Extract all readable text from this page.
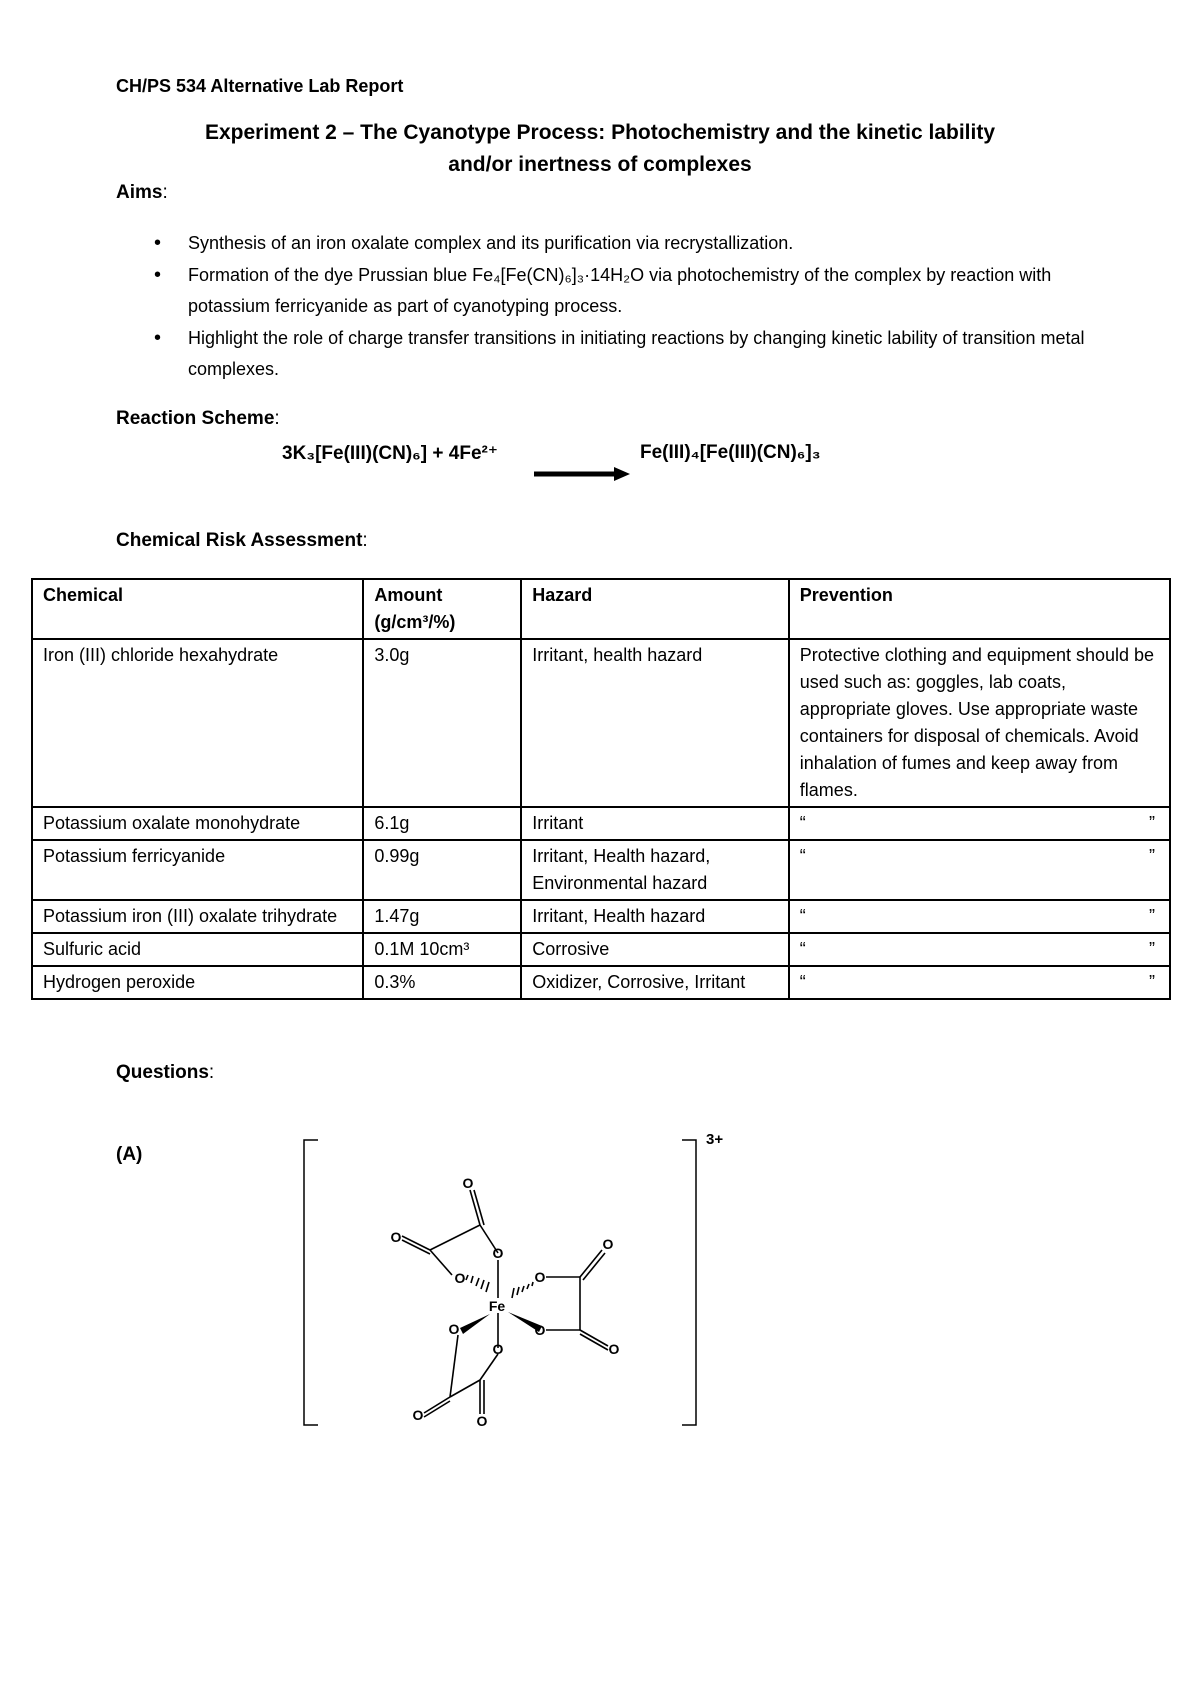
CH/PS 534 Alternative Lab Report
Experiment 2 – The Cyanotype Process: Photochemistry and the kinetic lability
and/or inertness of complexes
Aims:
• Synthesis of an iron oxalate complex and its purification via recrystallization.
• Formation of the dye Prussian blue Fe₄[Fe(CN)₆]₃·14H₂O via photochemistry of the complex by reaction with potassium ferricyanide as part of cyanotyping process.
• Highlight the role of charge transfer transitions in initiating reactions by changing kinetic lability of transition metal complexes.
Reaction Scheme:
3K₃[Fe(III)(CN)₆] + 4Fe²⁺	Fe(III)₄[Fe(III)(CN)₆]₃
Chemical Risk Assessment:
Chemical	Amount (g/cm³/%)	Hazard	Prevention
Iron (III) chloride hexahydrate	3.0g	Irritant, health hazard	Protective clothing and equipment should be used such as: goggles, lab coats, appropriate gloves. Use appropriate waste containers for disposal of chemicals. Avoid inhalation of fumes and keep away from flames.
Potassium oxalate monohydrate	6.1g	Irritant	“ ”

Potassium ferricyanide	0.99g	Irritant, Health hazard, Environmental hazard	“ ”

Potassium iron (III) oxalate trihydrate	1.47g	Irritant, Health hazard	“ ”

Sulfuric acid	0.1M 10cm³	Corrosive	“ ”

Hydrogen peroxide	0.3%	Oxidizer, Corrosive, Irritant	“ ”
Questions:
(A)
3+
Fe
O
O
O
O	O
O
O
O
O
O
O	O
